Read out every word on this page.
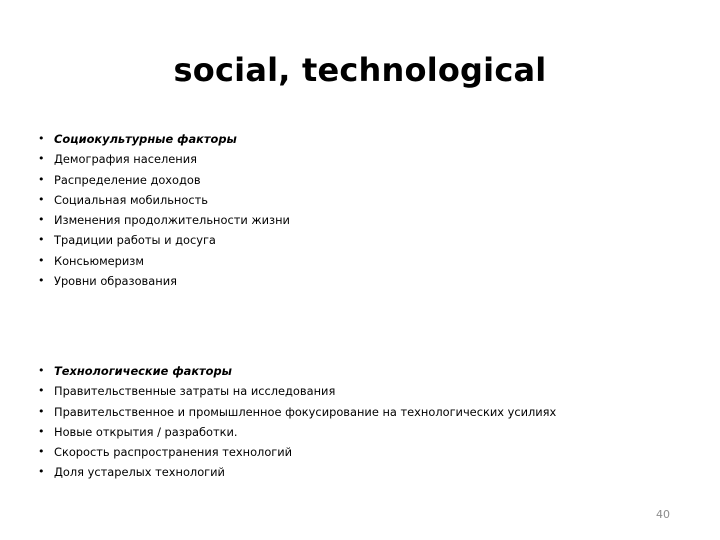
social, technological
• Социокультурные факторы
• Демография населения
• Распределение доходов
• Социальная мобильность
• Изменения продолжительности жизни
• Традиции работы и досуга
• Консьюмеризм
• Уровни образования
• Технологические факторы
• Правительственные затраты на исследования
• Правительственное и промышленное фокусирование на технологических усилиях
• Новые открытия / разработки.
• Скорость распространения технологий
• Доля устарелых технологий
40
